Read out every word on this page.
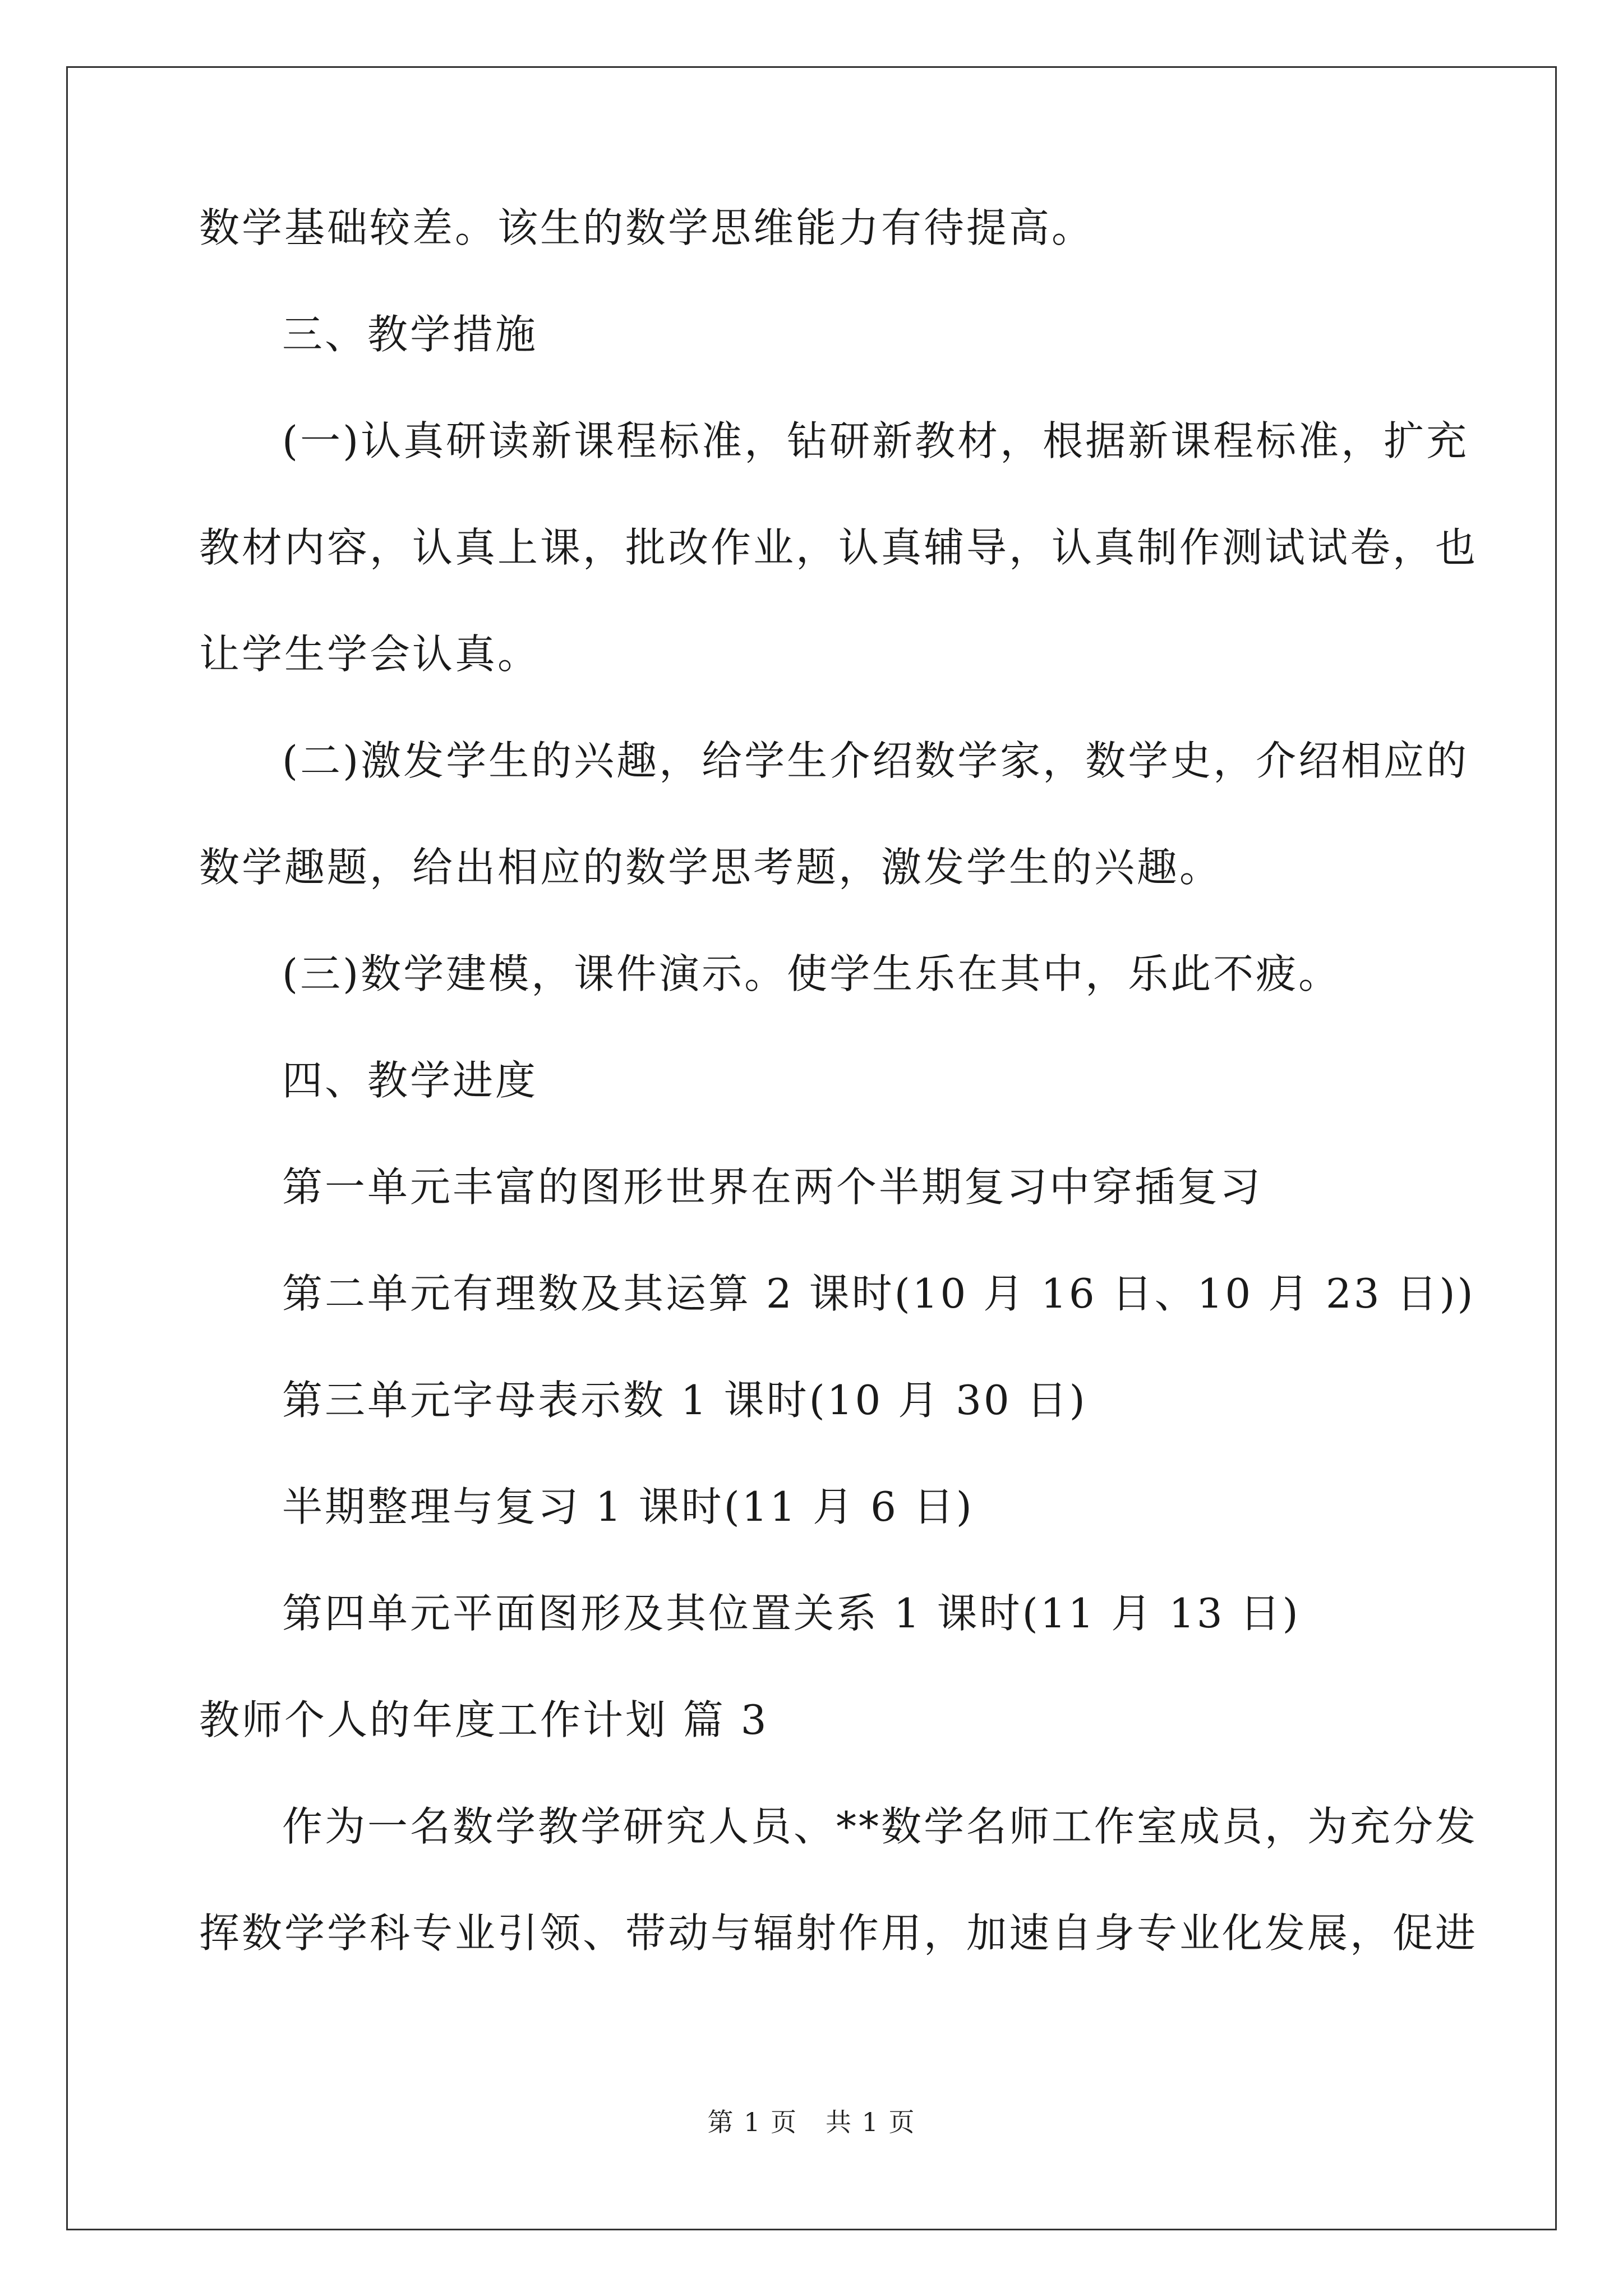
数学基础较差。该生的数学思维能力有待提高。
三、教学措施
(一)认真研读新课程标准，钻研新教材，根据新课程标准，扩充
教材内容，认真上课，批改作业，认真辅导，认真制作测试试卷，也
让学生学会认真。
(二)激发学生的兴趣，给学生介绍数学家，数学史，介绍相应的
数学趣题，给出相应的数学思考题，激发学生的兴趣。
(三)数学建模，课件演示。使学生乐在其中，乐此不疲。
四、教学进度
第一单元丰富的图形世界在两个半期复习中穿插复习
第二单元有理数及其运算 2 课时(10 月 16 日、10 月 23 日))
第三单元字母表示数 1 课时(10 月 30 日)
半期整理与复习 1 课时(11 月 6 日)
第四单元平面图形及其位置关系 1 课时(11 月 13 日)
教师个人的年度工作计划 篇 3
作为一名数学教学研究人员、**数学名师工作室成员，为充分发
挥数学学科专业引领、带动与辐射作用，加速自身专业化发展，促进
第 1 页 共 1 页
